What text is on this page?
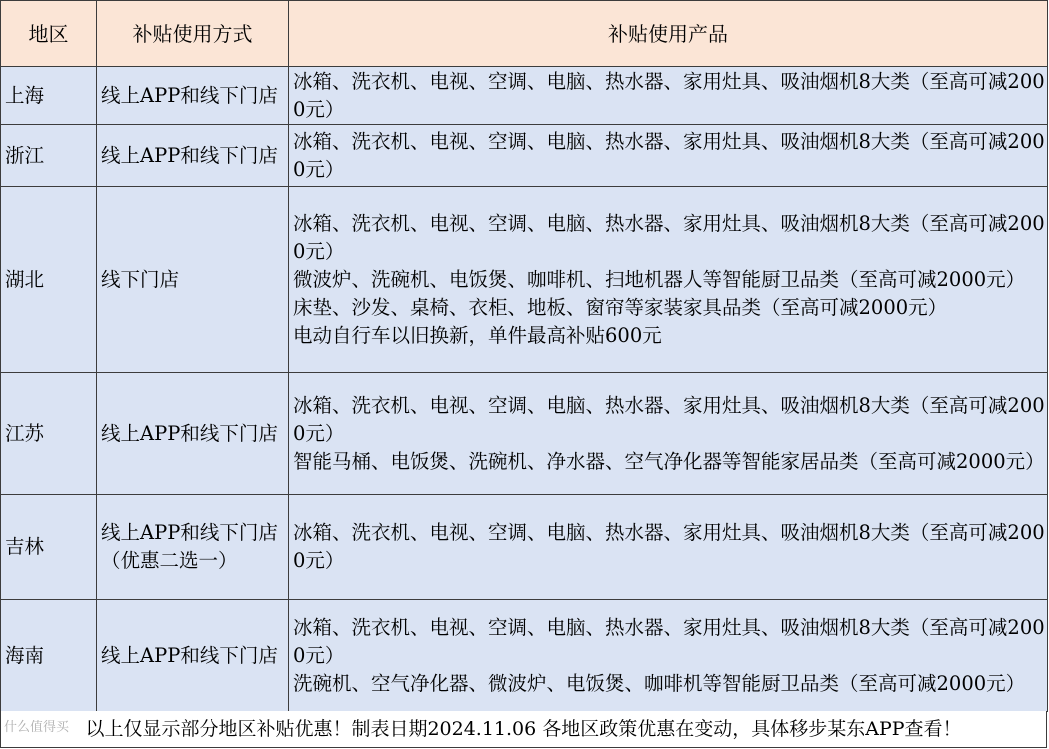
地区	补贴使用方式	补贴使用产品
上海	线上APP和线下门店	冰箱、洗衣机、电视、空调、电脑、热水器、家用灶具、吸油烟机8大类（至高可减2000元）

浙江	线上APP和线下门店	冰箱、洗衣机、电视、空调、电脑、热水器、家用灶具、吸油烟机8大类（至高可减2000元）

湖北	线下门店	冰箱、洗衣机、电视、空调、电脑、热水器、家用灶具、吸油烟机8大类（至高可减2000元）
微波炉、洗碗机、电饭煲、咖啡机、扫地机器人等智能厨卫品类（至高可减2000元）
床垫、沙发、桌椅、衣柜、地板、窗帘等家装家具品类（至高可减2000元）
电动自行车以旧换新，单件最高补贴600元

江苏	线上APP和线下门店	冰箱、洗衣机、电视、空调、电脑、热水器、家用灶具、吸油烟机8大类（至高可减2000元）
智能马桶、电饭煲、洗碗机、净水器、空气净化器等智能家居品类（至高可减2000元）

吉林	线上APP和线下门店（优惠二选一）	冰箱、洗衣机、电视、空调、电脑、热水器、家用灶具、吸油烟机8大类（至高可减2000元）

海南	线上APP和线下门店	冰箱、洗衣机、电视、空调、电脑、热水器、家用灶具、吸油烟机8大类（至高可减2000元）
洗碗机、空气净化器、微波炉、电饭煲、咖啡机等智能厨卫品类（至高可减2000元）
以上仅显示部分地区补贴优惠！制表日期2024.11.06 各地区政策优惠在变动，具体移步某东APP查看！
什么值得买
